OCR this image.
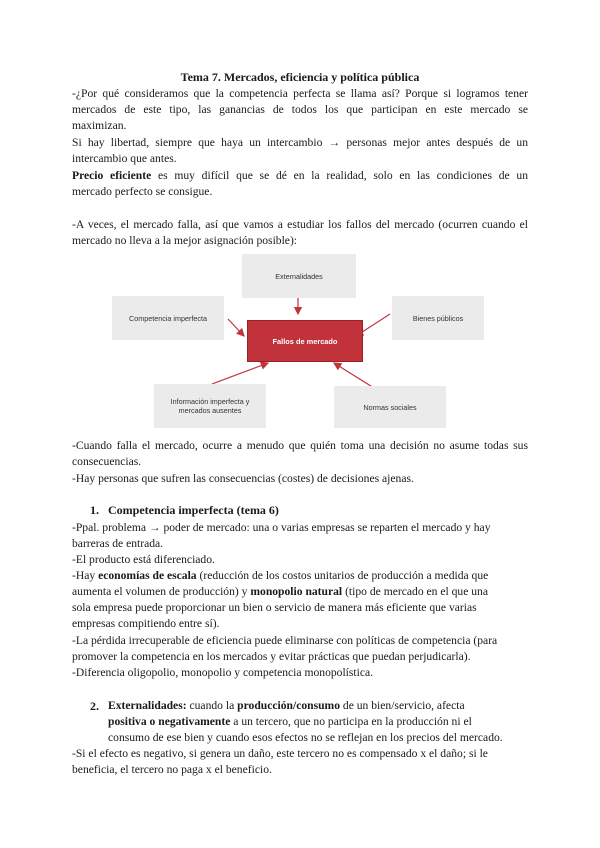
Tema 7. Mercados, eficiencia y política pública
-¿Por qué consideramos que la competencia perfecta se llama así? Porque si logramos tener
mercados de este tipo, las ganancias de todos los que participan en este mercado se
maximizan.
Si hay libertad, siempre que haya un intercambio → personas mejor antes después de un
intercambio que antes.
Precio eficiente es muy difícil que se dé en la realidad, solo en las condiciones de un
mercado perfecto se consigue.
-A veces, el mercado falla, así que vamos a estudiar los fallos del mercado (ocurren cuando el
mercado no lleva a la mejor asignación posible):
Externalidades
Competencia imperfecta	Bienes públicos
Fallos de mercado
Información imperfecta y mercados ausentes	Normas sociales
-Cuando falla el mercado, ocurre a menudo que quién toma una decisión no asume todas sus
consecuencias.
-Hay personas que sufren las consecuencias (costes) de decisiones ajenas.
1. Competencia imperfecta (tema 6)
-Ppal. problema → poder de mercado: una o varias empresas se reparten el mercado y hay
barreras de entrada.
-El producto está diferenciado.
-Hay economías de escala (reducción de los costos unitarios de producción a medida que
aumenta el volumen de producción) y monopolio natural (tipo de mercado en el que una
sola empresa puede proporcionar un bien o servicio de manera más eficiente que varias
empresas compitiendo entre sí).
-La pérdida irrecuperable de eficiencia puede eliminarse con políticas de competencia (para
promover la competencia en los mercados y evitar prácticas que puedan perjudicarla).
-Diferencia oligopolio, monopolio y competencia monopolística.
2. Externalidades: cuando la producción/consumo de un bien/servicio, afecta
positiva o negativamente a un tercero, que no participa en la producción ni el
consumo de ese bien y cuando esos efectos no se reflejan en los precios del mercado.
-Si el efecto es negativo, si genera un daño, este tercero no es compensado x el daño; si le
beneficia, el tercero no paga x el beneficio.
